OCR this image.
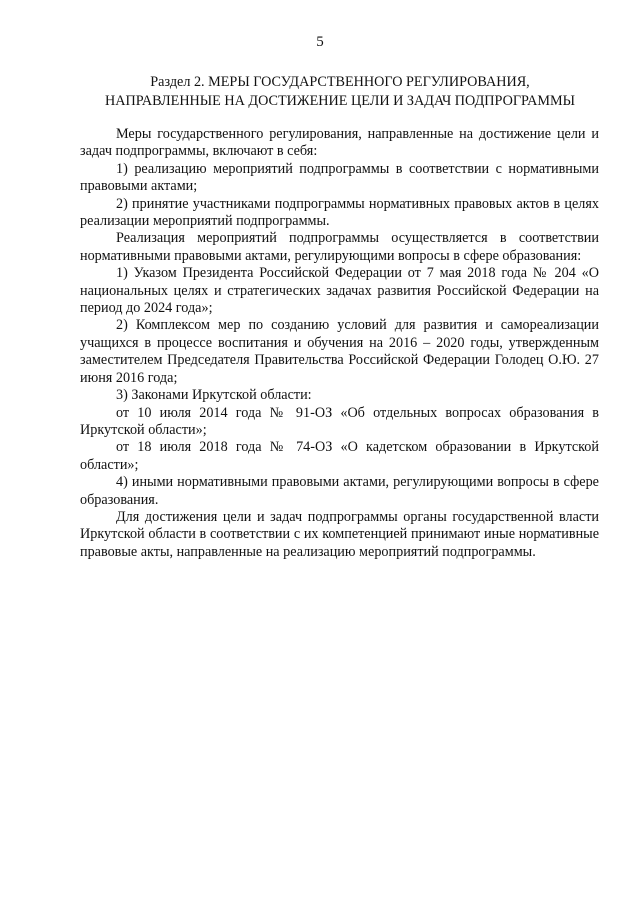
5
Раздел 2. МЕРЫ ГОСУДАРСТВЕННОГО РЕГУЛИРОВАНИЯ,
НАПРАВЛЕННЫЕ НА ДОСТИЖЕНИЕ ЦЕЛИ И ЗАДАЧ ПОДПРОГРАММЫ

Меры государственного регулирования, направленные на достижение цели и задач подпрограммы, включают в себя:

1) реализацию мероприятий подпрограммы в соответствии с нормативными правовыми актами;

2) принятие участниками подпрограммы нормативных правовых актов в целях реализации мероприятий подпрограммы.

Реализация мероприятий подпрограммы осуществляется в соответствии нормативными правовыми актами, регулирующими вопросы в сфере образования:

1) Указом Президента Российской Федерации от 7 мая 2018 года № 204 «О национальных целях и стратегических задачах развития Российской Федерации на период до 2024 года»;

2) Комплексом мер по созданию условий для развития и самореализации учащихся в процессе воспитания и обучения на 2016 – 2020 годы, утвержденным заместителем Председателя Правительства Российской Федерации Голодец О.Ю. 27 июня 2016 года;

3) Законами Иркутской области:

от 10 июля 2014 года № 91-ОЗ «Об отдельных вопросах образования в Иркутской области»;

от 18 июля 2018 года № 74-ОЗ «О кадетском образовании в Иркутской области»;

4) иными нормативными правовыми актами, регулирующими вопросы в сфере образования.

Для достижения цели и задач подпрограммы органы государственной власти Иркутской области в соответствии с их компетенцией принимают иные нормативные правовые акты, направленные на реализацию мероприятий подпрограммы.
